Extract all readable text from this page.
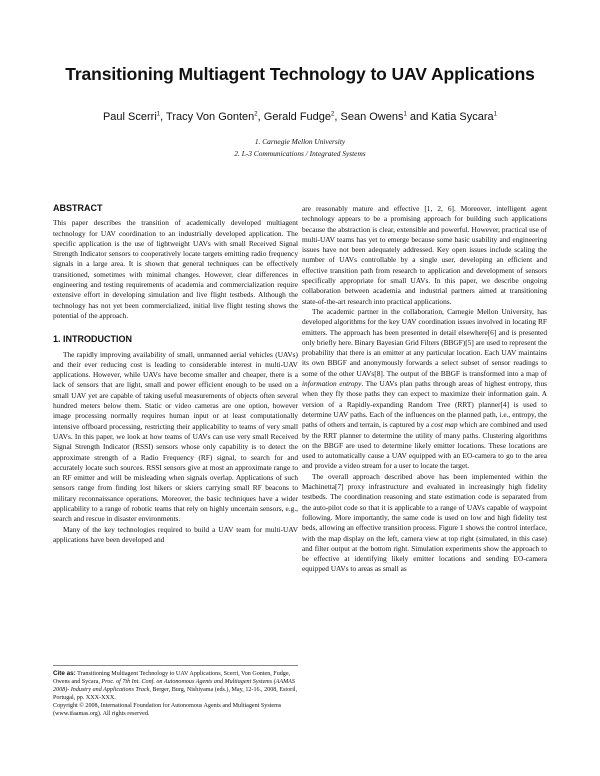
Transitioning Multiagent Technology to UAV Applications
Paul Scerri$^1$, Tracy Von Gonten$^2$, Gerald Fudge$^2$, Sean Owens$^1$ and Katia Sycara$^1$
1. Carnegie Mellon University
2. L-3 Communications / Integrated Systems
ABSTRACT

This paper describes the transition of academically developed multiagent technology for UAV coordination to an industrially developed application. The specific application is the use of lightweight UAVs with small Received Signal Strength Indicator sensors to cooperatively locate targets emitting radio frequency signals in a large area. It is shown that general techniques can be effectively transitioned, sometimes with minimal changes. However, clear differences in engineering and testing requirements of academia and commercialization require extensive effort in developing simulation and live flight testbeds. Although the technology has not yet been commercialized, initial live flight testing shows the potential of the approach.

1. INTRODUCTION

The rapidly improving availability of small, unmanned aerial vehicles (UAVs) and their ever reducing cost is leading to considerable interest in multi-UAV applications. However, while UAVs have become smaller and cheaper, there is a lack of sensors that are light, small and power efficient enough to be used on a small UAV yet are capable of taking useful measurements of objects often several hundred meters below them. Static or video cameras are one option, however image processing normally requires human input or at least computationally intensive offboard processing, restricting their applicability to teams of very small UAVs. In this paper, we look at how teams of UAVs can use very small Received Signal Strength Indicator (RSSI) sensors whose only capability is to detect the approximate strength of a Radio Frequency (RF) signal, to search for and accurately locate such sources. RSSI sensors give at most an approximate range to an RF emitter and will be misleading when signals overlap. Applications of such sensors range from finding lost hikers or skiers carrying small RF beacons to military reconnaissance operations. Moreover, the basic techniques have a wider applicability to a range of robotic teams that rely on highly uncertain sensors, e.g., search and rescue in disaster environments.

Many of the key technologies required to build a UAV team for multi-UAV applications have been developed and

Cite as: Transitioning Multiagent Technology to UAV Applications, Scerri, Von Gonten, Fudge, Owens and Sycara, Proc. of 7th Int. Conf. on Autonomous Agents and Multiagent Systems (AAMAS 2008)- Industry and Applications Track, Berger, Burg, Nishiyama (eds.), May, 12-16., 2008, Estoril, Portugal, pp. XXX-XXX.

Copyright © 2008, International Foundation for Autonomous Agents and Multiagent Systems (www.ifaamas.org). All rights reserved.

are reasonably mature and effective [1, 2, 6]. Moreover, intelligent agent technology appears to be a promising approach for building such applications because the abstraction is clear, extensible and powerful. However, practical use of multi-UAV teams has yet to emerge because some basic usability and engineering issues have not been adequately addressed. Key open issues include scaling the number of UAVs controllable by a single user, developing an efficient and effective transition path from research to application and development of sensors specifically appropriate for small UAVs. In this paper, we describe ongoing collaboration between academia and industrial partners aimed at transitioning state-of-the-art research into practical applications.

The academic partner in the collaboration, Carnegie Mellon University, has developed algorithms for the key UAV coordination issues involved in locating RF emitters. The approach has been presented in detail elsewhere[6] and is presented only briefly here. Binary Bayesian Grid Filters (BBGF)[5] are used to represent the probability that there is an emitter at any particular location. Each UAV maintains its own BBGF and anonymously forwards a select subset of sensor readings to some of the other UAVs[8]. The output of the BBGF is transformed into a map of information entropy. The UAVs plan paths through areas of highest entropy, thus when they fly those paths they can expect to maximize their information gain. A version of a Rapidly-expanding Random Tree (RRT) planner[4] is used to determine UAV paths. Each of the influences on the planned path, i.e., entropy, the paths of others and terrain, is captured by a cost map which are combined and used by the RRT planner to determine the utility of many paths. Clustering algorithms on the BBGF are used to determine likely emitter locations. These locations are used to automatically cause a UAV equipped with an EO-camera to go to the area and provide a video stream for a user to locate the target.

The overall approach described above has been implemented within the Machinetta[7] proxy infrastructure and evaluated in increasingly high fidelity testbeds. The coordination reasoning and state estimation code is separated from the auto-pilot code so that it is applicable to a range of UAVs capable of waypoint following. More importantly, the same code is used on low and high fidelity test beds, allowing an effective transition process. Figure 1 shows the control interface, with the map display on the left, camera view at top right (simulated, in this case) and filter output at the bottom right. Simulation experiments show the approach to be effective at identifying likely emitter locations and sending EO-camera equipped UAVs to areas as small as
